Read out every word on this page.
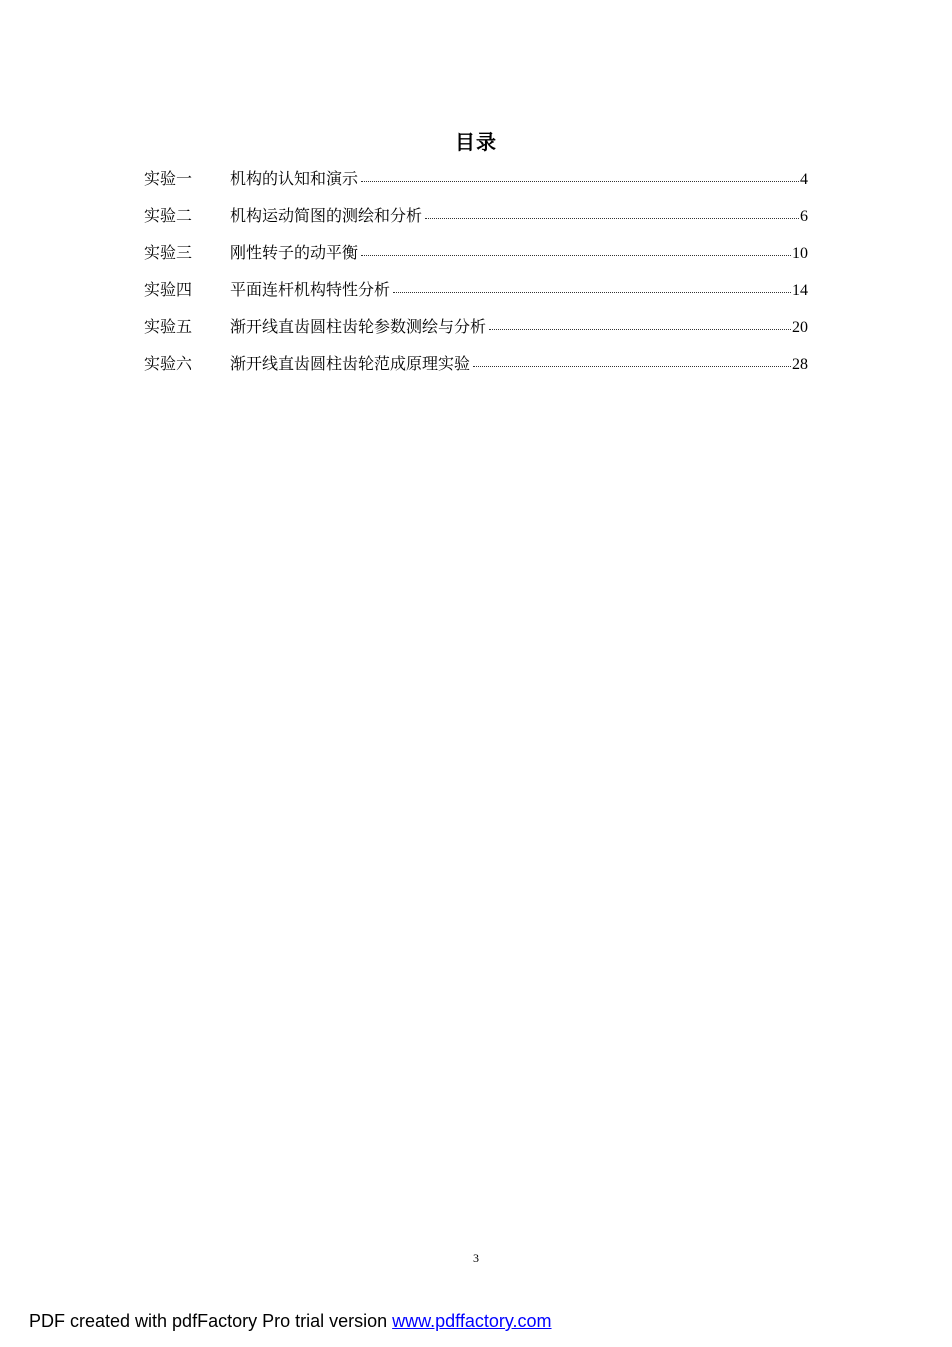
目录
实验一	机构的认知和演示	4
实验二	机构运动简图的测绘和分析	6
实验三	刚性转子的动平衡	10
实验四	平面连杆机构特性分析	14
实验五	渐开线直齿圆柱齿轮参数测绘与分析	20
实验六	渐开线直齿圆柱齿轮范成原理实验	28
3
PDF created with pdfFactory Pro trial version www.pdffactory.com
